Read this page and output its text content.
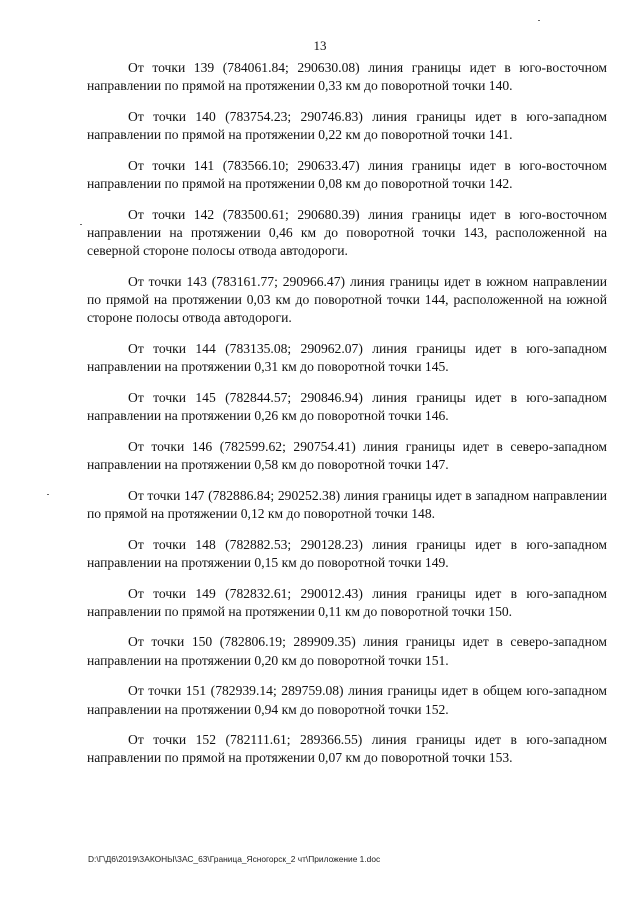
13

От точки 139 (784061.84; 290630.08) линия границы идет в юго-восточном направлении по прямой на протяжении 0,33 км до поворотной точки 140.

От точки 140 (783754.23; 290746.83) линия границы идет в юго-западном направлении по прямой на протяжении 0,22 км до поворотной точки 141.

От точки 141 (783566.10; 290633.47) линия границы идет в юго-восточном направлении по прямой на протяжении 0,08 км до поворотной точки 142.

От точки 142 (783500.61; 290680.39) линия границы идет в юго-восточном направлении на протяжении 0,46 км до поворотной точки 143, расположенной на северной стороне полосы отвода автодороги.

От точки 143 (783161.77; 290966.47) линия границы идет в южном направлении по прямой на протяжении 0,03 км до поворотной точки 144, расположенной на южной стороне полосы отвода автодороги.

От точки 144 (783135.08; 290962.07) линия границы идет в юго-западном направлении на протяжении 0,31 км до поворотной точки 145.

От точки 145 (782844.57; 290846.94) линия границы идет в юго-западном направлении на протяжении 0,26 км до поворотной точки 146.

От точки 146 (782599.62; 290754.41) линия границы идет в северо-западном направлении на протяжении 0,58 км до поворотной точки 147.

От точки 147 (782886.84; 290252.38) линия границы идет в западном направлении по прямой на протяжении 0,12 км до поворотной точки 148.

От точки 148 (782882.53; 290128.23) линия границы идет в юго-западном направлении на протяжении 0,15 км до поворотной точки 149.

От точки 149 (782832.61; 290012.43) линия границы идет в юго-западном направлении по прямой на протяжении 0,11 км до поворотной точки 150.

От точки 150 (782806.19; 289909.35) линия границы идет в северо-западном направлении на протяжении 0,20 км до поворотной точки 151.

От точки 151 (782939.14; 289759.08) линия границы идет в общем юго-западном направлении на протяжении 0,94 км до поворотной точки 152.

От точки 152 (782111.61; 289366.55) линия границы идет в юго-западном направлении по прямой на протяжении 0,07 км до поворотной точки 153.

D:\Г\Д6\2019\ЗАКОНЫ\ЗАС_63\Граница_Ясногорск_2 чт\Приложение 1.doc
